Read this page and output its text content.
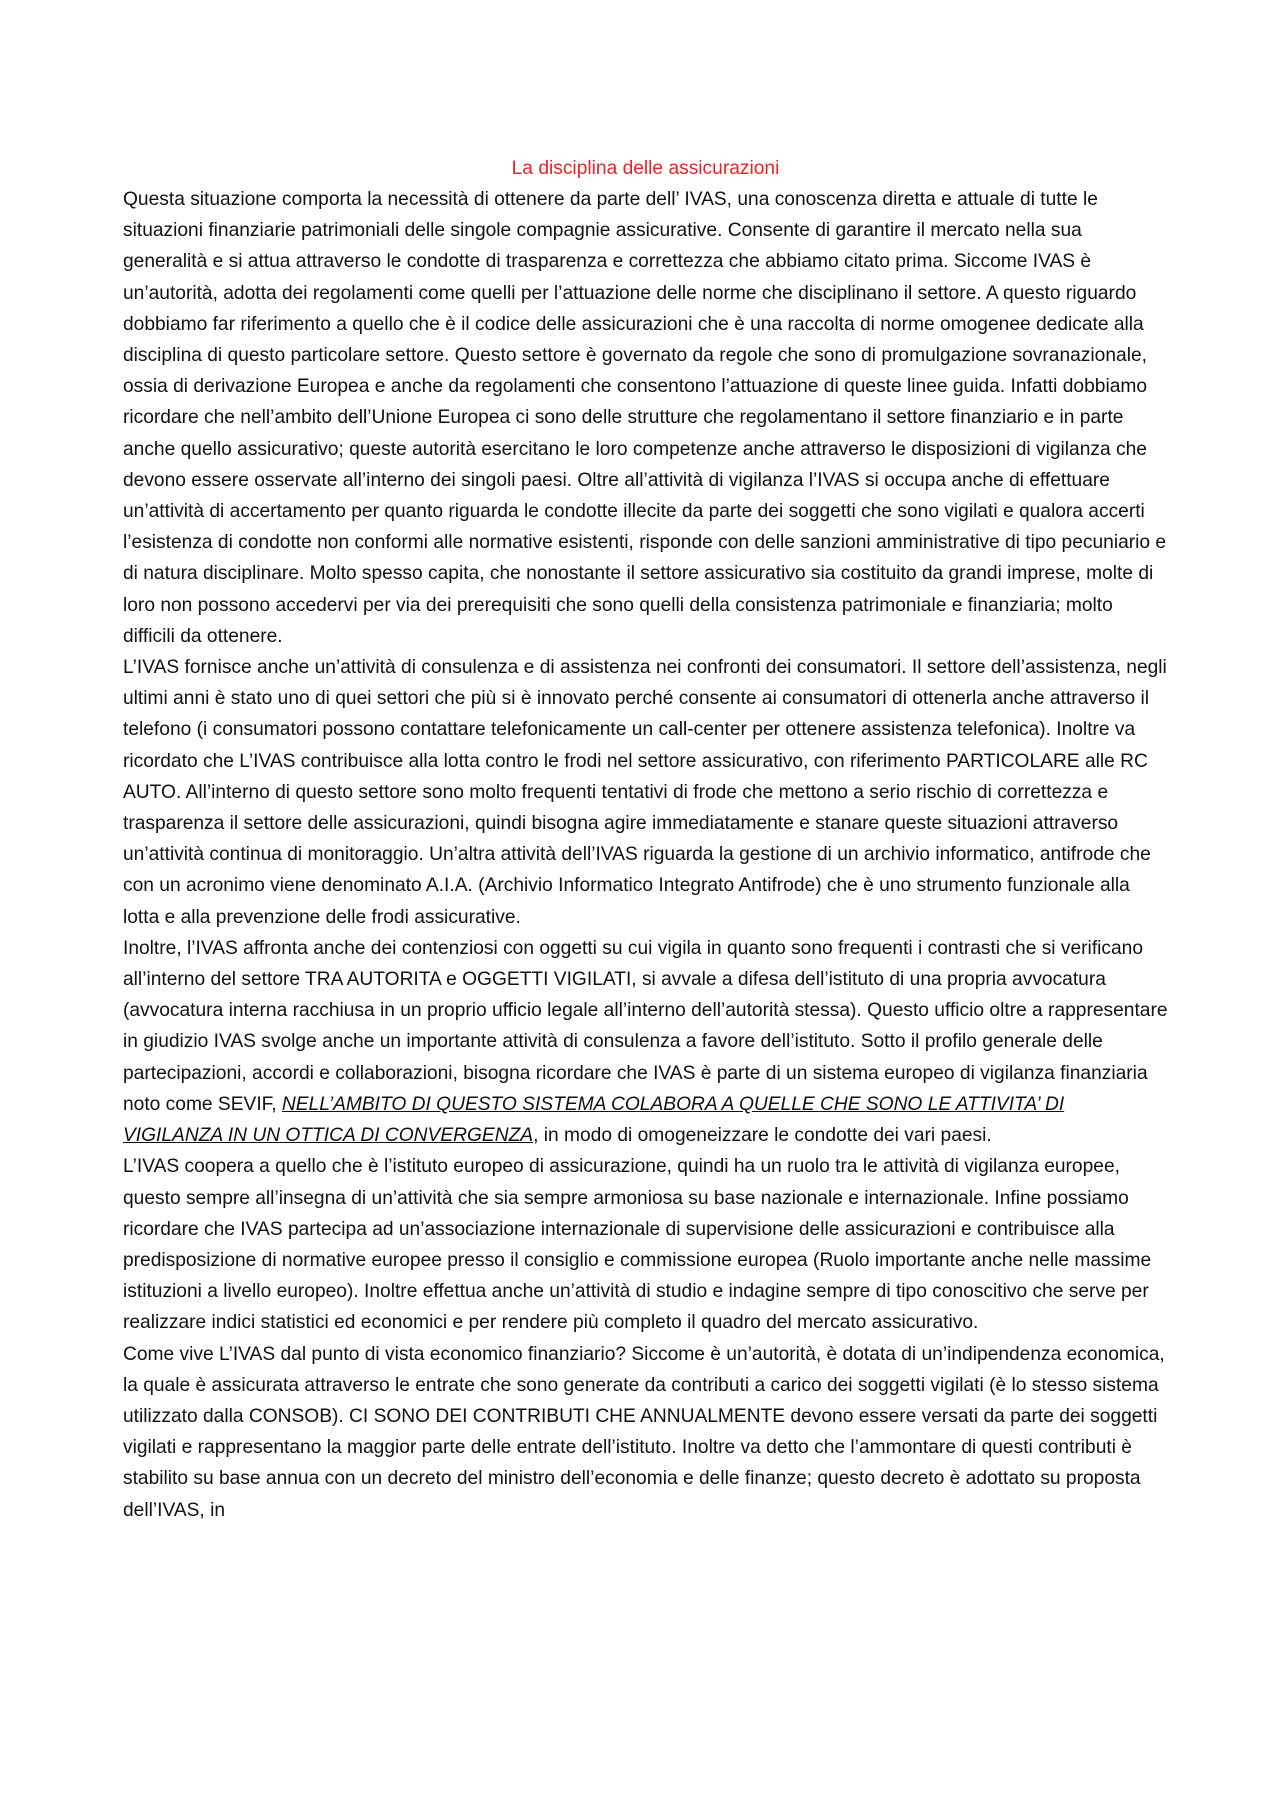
La disciplina delle assicurazioni

Questa situazione comporta la necessità di ottenere da parte dell’ IVAS, una conoscenza diretta e attuale di tutte le situazioni finanziarie patrimoniali delle singole compagnie assicurative. Consente di garantire il mercato nella sua generalità e si attua attraverso le condotte di trasparenza e correttezza che abbiamo citato prima. Siccome IVAS è un’autorità, adotta dei regolamenti come quelli per l’attuazione delle norme che disciplinano il settore. A questo riguardo dobbiamo far riferimento a quello che è il codice delle assicurazioni che è una raccolta di norme omogenee dedicate alla disciplina di questo particolare settore. Questo settore è governato da regole che sono di promulgazione sovranazionale, ossia di derivazione Europea e anche da regolamenti che consentono l’attuazione di queste linee guida. Infatti dobbiamo ricordare che nell’ambito dell’Unione Europea ci sono delle strutture che regolamentano il settore finanziario e in parte anche quello assicurativo; queste autorità esercitano le loro competenze anche attraverso le disposizioni di vigilanza che devono essere osservate all’interno dei singoli paesi. Oltre all’attività di vigilanza l’IVAS si occupa anche di effettuare un’attività di accertamento per quanto riguarda le condotte illecite da parte dei soggetti che sono vigilati e qualora accerti l’esistenza di condotte non conformi alle normative esistenti, risponde con delle sanzioni amministrative di tipo pecuniario e di natura disciplinare. Molto spesso capita, che nonostante il settore assicurativo sia costituito da grandi imprese, molte di loro non possono accedervi per via dei prerequisiti che sono quelli della consistenza patrimoniale e finanziaria; molto difficili da ottenere.

L’IVAS fornisce anche un’attività di consulenza e di assistenza nei confronti dei consumatori. Il settore dell’assistenza, negli ultimi anni è stato uno di quei settori che più si è innovato perché consente ai consumatori di ottenerla anche attraverso il telefono (i consumatori possono contattare telefonicamente un call-center per ottenere assistenza telefonica). Inoltre va ricordato che L’IVAS contribuisce alla lotta contro le frodi nel settore assicurativo, con riferimento PARTICOLARE alle RC AUTO. All’interno di questo settore sono molto frequenti tentativi di frode che mettono a serio rischio di correttezza e trasparenza il settore delle assicurazioni, quindi bisogna agire immediatamente e stanare queste situazioni attraverso un’attività continua di monitoraggio. Un’altra attività dell’IVAS riguarda la gestione di un archivio informatico, antifrode che con un acronimo viene denominato A.I.A. (Archivio Informatico Integrato Antifrode) che è uno strumento funzionale alla lotta e alla prevenzione delle frodi assicurative.

Inoltre, l’IVAS affronta anche dei contenziosi con oggetti su cui vigila in quanto sono frequenti i contrasti che si verificano all’interno del settore TRA AUTORITA e OGGETTI VIGILATI, si avvale a difesa dell’istituto di una propria avvocatura (avvocatura interna racchiusa in un proprio ufficio legale all’interno dell’autorità stessa). Questo ufficio oltre a rappresentare in giudizio IVAS svolge anche un importante attività di consulenza a favore dell’istituto. Sotto il profilo generale delle partecipazioni, accordi e collaborazioni, bisogna ricordare che IVAS è parte di un sistema europeo di vigilanza finanziaria noto come SEVIF, NELL’AMBITO DI QUESTO SISTEMA COLABORA A QUELLE CHE SONO LE ATTIVITA’ DI VIGILANZA IN UN OTTICA DI CONVERGENZA, in modo di omogeneizzare le condotte dei vari paesi.

L’IVAS coopera a quello che è l’istituto europeo di assicurazione, quindi ha un ruolo tra le attività di vigilanza europee, questo sempre all’insegna di un’attività che sia sempre armoniosa su base nazionale e internazionale. Infine possiamo ricordare che IVAS partecipa ad un’associazione internazionale di supervisione delle assicurazioni e contribuisce alla predisposizione di normative europee presso il consiglio e commissione europea (Ruolo importante anche nelle massime istituzioni a livello europeo). Inoltre effettua anche un’attività di studio e indagine sempre di tipo conoscitivo che serve per realizzare indici statistici ed economici e per rendere più completo il quadro del mercato assicurativo.

Come vive L’IVAS dal punto di vista economico finanziario? Siccome è un’autorità, è dotata di un’indipendenza economica, la quale è assicurata attraverso le entrate che sono generate da contributi a carico dei soggetti vigilati (è lo stesso sistema utilizzato dalla CONSOB). CI SONO DEI CONTRIBUTI CHE ANNUALMENTE devono essere versati da parte dei soggetti vigilati e rappresentano la maggior parte delle entrate dell’istituto. Inoltre va detto che l’ammontare di questi contributi è stabilito su base annua con un decreto del ministro dell’economia e delle finanze; questo decreto è adottato su proposta dell’IVAS, in
